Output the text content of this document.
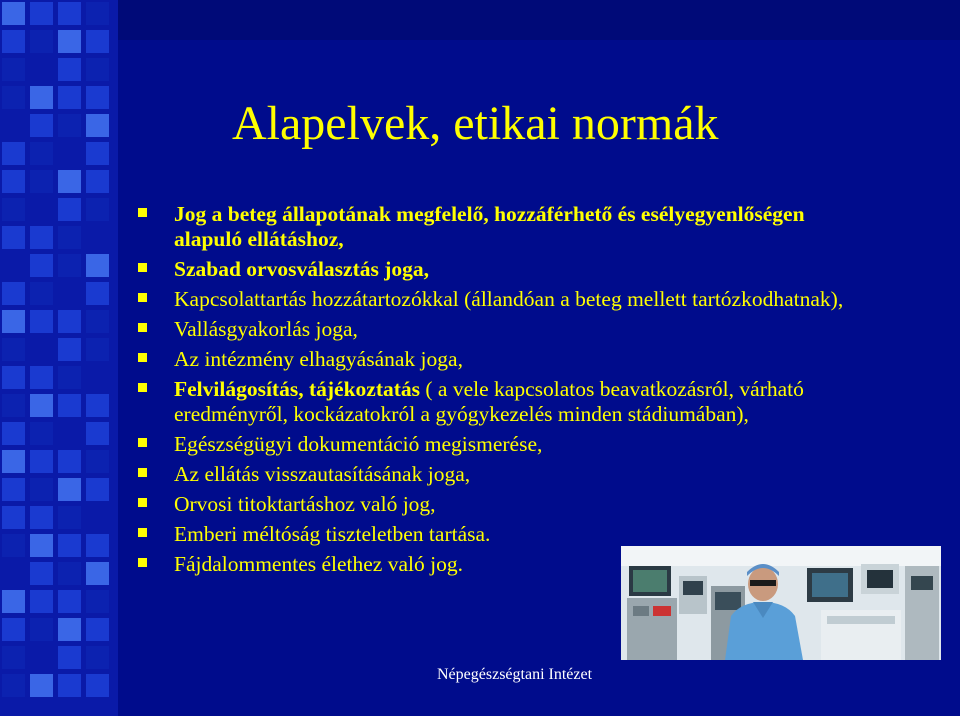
Alapelvek, etikai normák
Jog a beteg állapotának megfelelő, hozzáférhető és esélyegyenlőségen alapuló ellátáshoz,
Szabad orvosválasztás joga,
Kapcsolattartás hozzátartozókkal (állandóan a beteg mellett tartózkodhatnak),
Vallásgyakorlás joga,
Az intézmény elhagyásának joga,
Felvilágosítás, tájékoztatás ( a vele kapcsolatos beavatkozásról, várható eredményről, kockázatokról a gyógykezelés minden stádiumában),
Egészségügyi dokumentáció megismerése,
Az ellátás visszautasításának joga,
Orvosi titoktartáshoz való jog,
Emberi méltóság tiszteletben tartása.
Fájdalommentes élethez való jog.
Népegészségtani Intézet
